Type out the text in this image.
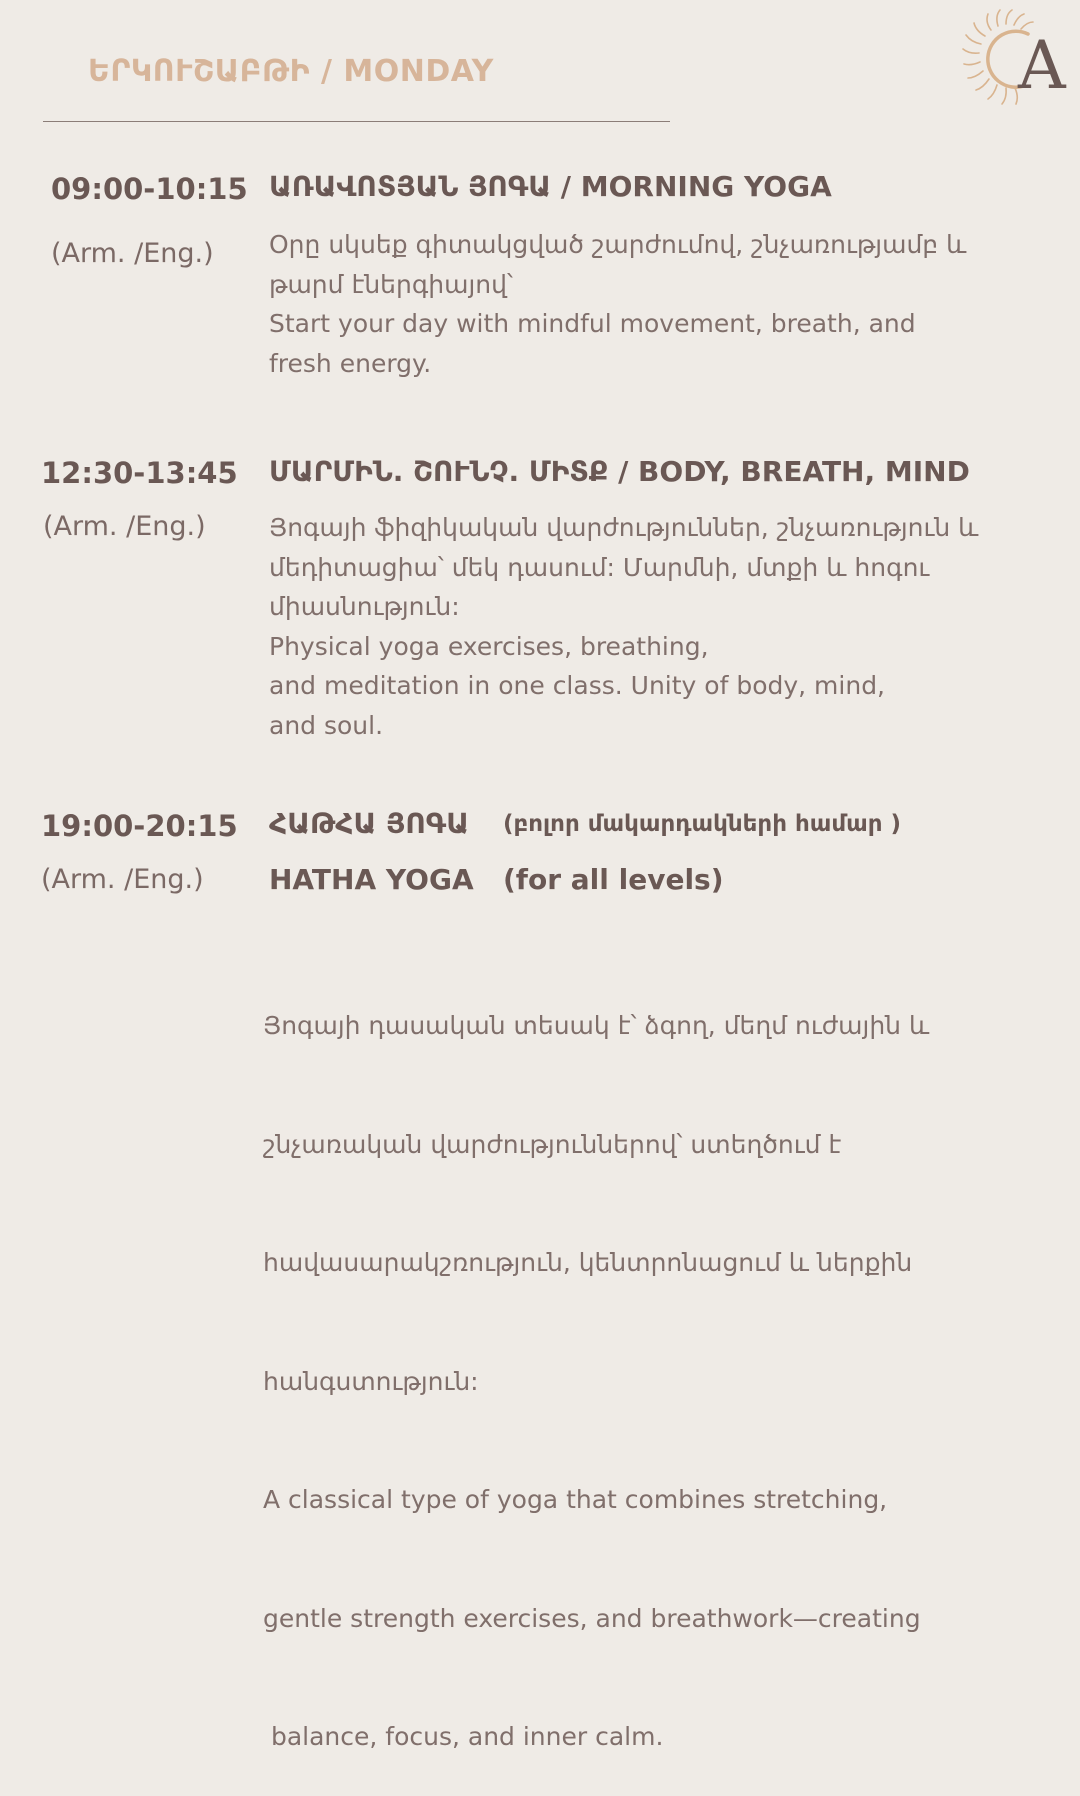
ԵՐԿՈՒՇԱԲԹԻ / MONDAY	A
09:00-10:15
(Arm. /Eng.)
ԱՌԱՎՈՏՅԱՆ ՅՈԳԱ / MORNING YOGA
Օրը սկսեք գիտակցված շարժումով, շնչառությամբ և
թարմ էներգիայով՝
Start your day with mindful movement, breath, and
fresh energy.
12:30-13:45
(Arm. /Eng.)
ՄԱՐՄԻՆ. ՇՈՒՆՉ. ՄԻՏՔ / BODY, BREATH, MIND
Յոգայի ֆիզիկական վարժություններ, շնչառություն և
մեդիտացիա՝ մեկ դասում: Մարմնի, մտքի և հոգու
միասնություն:
Physical yoga exercises, breathing,
and meditation in one class. Unity of body, mind,
and soul.
19:00-20:15
(Arm. /Eng.)
ՀԱԹՀԱ ՅՈԳԱ (բոլոր մակարդակների համար )
HATHA YOGA (for all levels)

Յոգայի դասական տեսակ է՝ ձգող, մեղմ ուժային և

շնչառական վարժություններով՝ ստեղծում է

հավասարակշռություն, կենտրոնացում և ներքին

հանգստություն:

A classical type of yoga that combines stretching,

gentle strength exercises, and breathwork—creating

balance, focus, and inner calm.
